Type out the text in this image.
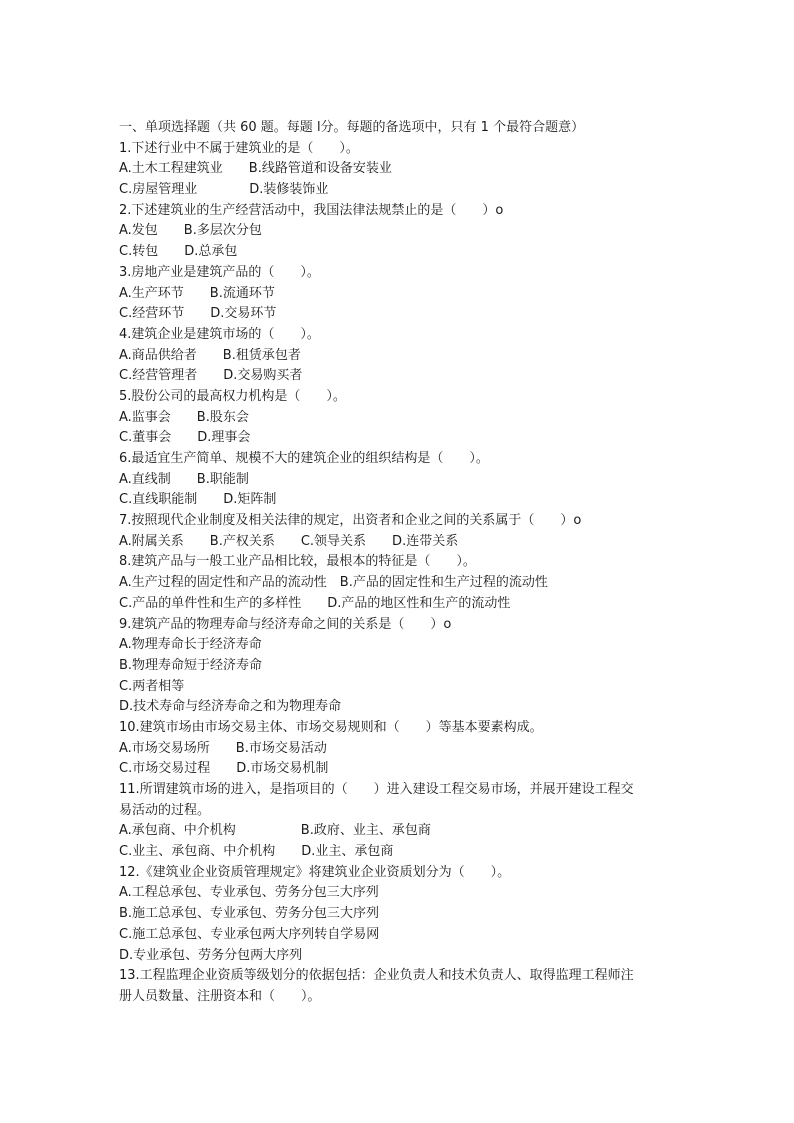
一、单项选择题（共 60 题。每题 l分。每题的备选项中，只有 1 个最符合题意）

1.下述行业中不属于建筑业的是（　　）。

A.土木工程建筑业　　B.线路管道和设备安装业

C.房屋管理业　　　　D.装修装饰业

2.下述建筑业的生产经营活动中，我国法律法规禁止的是（　　）o

A.发包　　B.多层次分包

C.转包　　D.总承包

3.房地产业是建筑产品的（　　）。

A.生产环节　　B.流通环节

C.经营环节　　D.交易环节

4.建筑企业是建筑市场的（　　）。

A.商品供给者　　B.租赁承包者

C.经营管理者　　D.交易购买者

5.股份公司的最高权力机构是（　　）。

A.监事会　　B.股东会

C.董事会　　D.理事会

6.最适宜生产简单、规模不大的建筑企业的组织结构是（　　）。

A.直线制　　B.职能制

C.直线职能制　　D.矩阵制

7.按照现代企业制度及相关法律的规定，出资者和企业之间的关系属于（　　）o

A.附属关系　　B.产权关系　　C.领导关系　　D.连带关系

8.建筑产品与一般工业产品相比较，最根本的特征是（　　）。

A.生产过程的固定性和产品的流动性　B.产品的固定性和生产过程的流动性

C.产品的单件性和生产的多样性　　D.产品的地区性和生产的流动性

9.建筑产品的物理寿命与经济寿命之间的关系是（　　）o

A.物理寿命长于经济寿命

B.物理寿命短于经济寿命

C.两者相等

D.技术寿命与经济寿命之和为物理寿命

10.建筑市场由市场交易主体、市场交易规则和（　　）等基本要素构成。

A.市场交易场所　　B.市场交易活动

C.市场交易过程　　D.市场交易机制

11.所谓建筑市场的进入，是指项目的（　　）进入建设工程交易市场，并展开建设工程交

易活动的过程。

A.承包商、中介机构　　　　　B.政府、业主、承包商

C.业主、承包商、中介机构　　D.业主、承包商

12.《建筑业企业资质管理规定》将建筑业企业资质划分为（　　）。

A.工程总承包、专业承包、劳务分包三大序列

B.施工总承包、专业承包、劳务分包三大序列

C.施工总承包、专业承包两大序列转自学易网

D.专业承包、劳务分包两大序列

13.工程监理企业资质等级划分的依据包括：企业负责人和技术负责人、取得监理工程师注

册人员数量、注册资本和（　　）。
